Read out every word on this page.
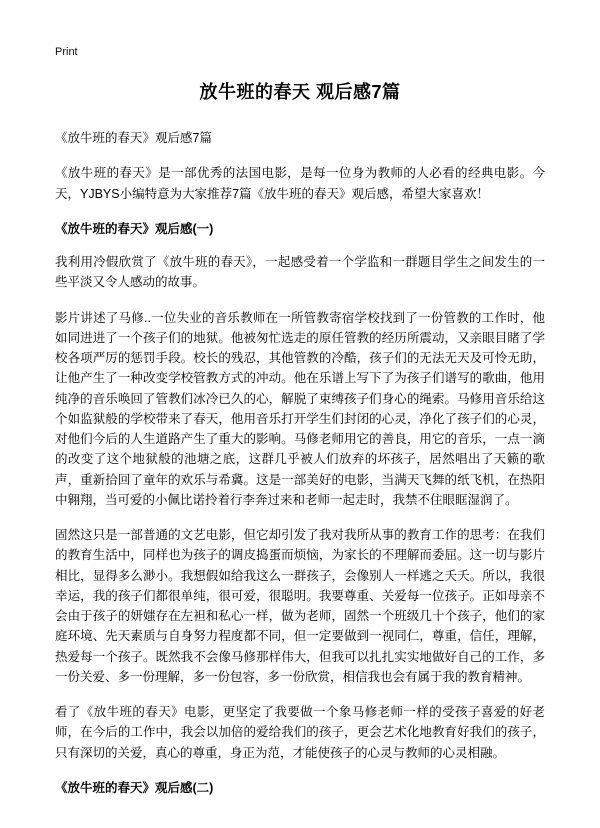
Print
放牛班的春天 观后感7篇

《放牛班的春天》观后感7篇

《放牛班的春天》是一部优秀的法国电影，是每一位身为教师的人必看的经典电影。今天，YJBYS小编特意为大家推荐7篇《放牛班的春天》观后感，希望大家喜欢！

《放牛班的春天》观后感(一)

我利用冷假欣赏了《放牛班的春天》，一起感受着一个学监和一群题目学生之间发生的一些平淡又令人感动的故事。

影片讲述了马修..一位失业的音乐教师在一所管教寄宿学校找到了一份管教的工作时，他如同进进了一个孩子们的地狱。他被匆忙选走的原任管教的经历所震动，又亲眼目睹了学校各项严厉的惩罚手段。校长的残忍，其他管教的冷酷，孩子们的无法无天及可怜无助，让他产生了一种改变学校管教方式的冲动。他在乐谱上写下了为孩子们谱写的歌曲，他用纯净的音乐唤回了管教们冰冷已久的心，解脱了束缚孩子们身心的绳索。马修用音乐给这个如监狱般的学校带来了春天，他用音乐打开学生们封闭的心灵，净化了孩子们的心灵，对他们今后的人生道路产生了重大的影响。马修老师用它的善良，用它的音乐，一点一滴的改变了这个地狱般的池塘之底，这群几乎被人们放弃的坏孩子，居然唱出了天籁的歌声，重新拾回了童年的欢乐与希冀。这是一部美好的电影，当满天飞舞的纸飞机，在热阳中翱翔，当可爱的小佩比诺拎着行李奔过来和老师一起走时，我禁不住眼眶湿润了。

固然这只是一部普通的文艺电影，但它却引发了我对我所从事的教育工作的思考：在我们的教育生活中，同样也为孩子的调皮捣蛋而烦恼，为家长的不理解而委屈。这一切与影片相比，显得多么渺小。我想假如给我这么一群孩子，会像别人一样逃之夭夭。所以，我很幸运，我的孩子们都很单纯，很可爱，很聪明。我要尊重、关爱每一位孩子。正如母亲不会由于孩子的妍媸存在左袒和私心一样，做为老师，固然一个班级几十个孩子，他们的家庭环境、先天素质与自身努力程度都不同，但一定要做到一视同仁，尊重，信任，理解，热爱每一个孩子。既然我不会像马修那样伟大，但我可以扎扎实实地做好自己的工作，多一份关爱、多一份理解，多一份包容，多一份欣赏，相信我也会有属于我的教育精神。

看了《放牛班的春天》电影，更坚定了我要做一个象马修老师一样的受孩子喜爱的好老师，在今后的工作中，我会以加倍的爱给我们的孩子，更会艺术化地教育好我们的孩子，只有深切的关爱，真心的尊重，身正为范，才能使孩子的心灵与教师的心灵相融。

《放牛班的春天》观后感(二)
